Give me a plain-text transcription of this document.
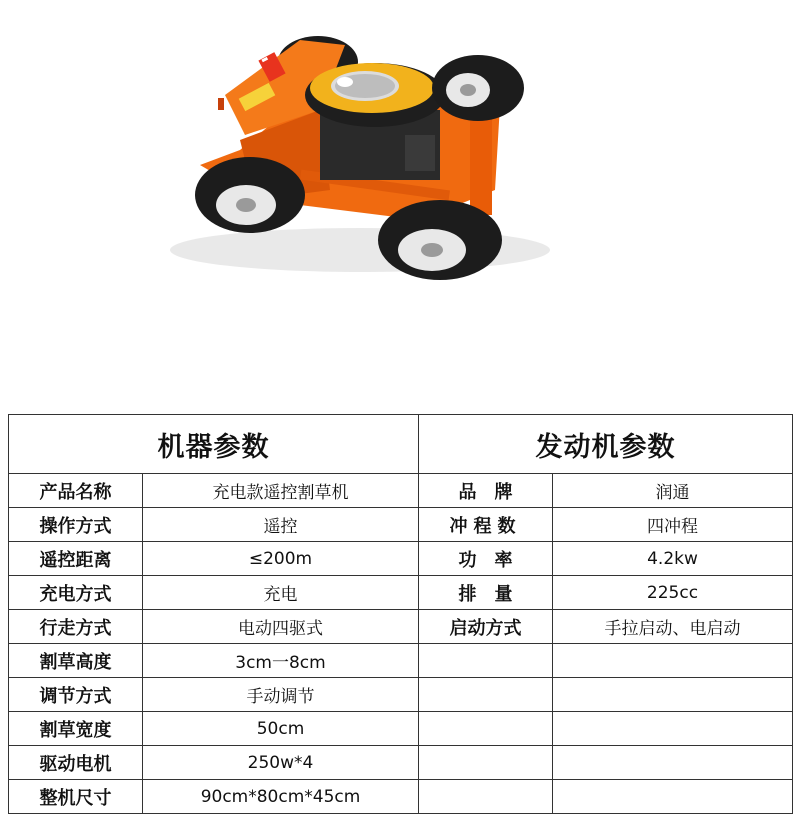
机器参数		发动机参数	
产品名称	充电款遥控割草机	品　牌	润通
操作方式	遥控	冲程数	四冲程
遥控距离	≤200m	功　率	4.2kw
充电方式	充电	排　量	225cc
行走方式	电动四驱式	启动方式	手拉启动、电启动
割草高度	3cm一8cm		
调节方式	手动调节		
割草宽度	50cm		
驱动电机	250w*4		
整机尺寸	90cm*80cm*45cm		
